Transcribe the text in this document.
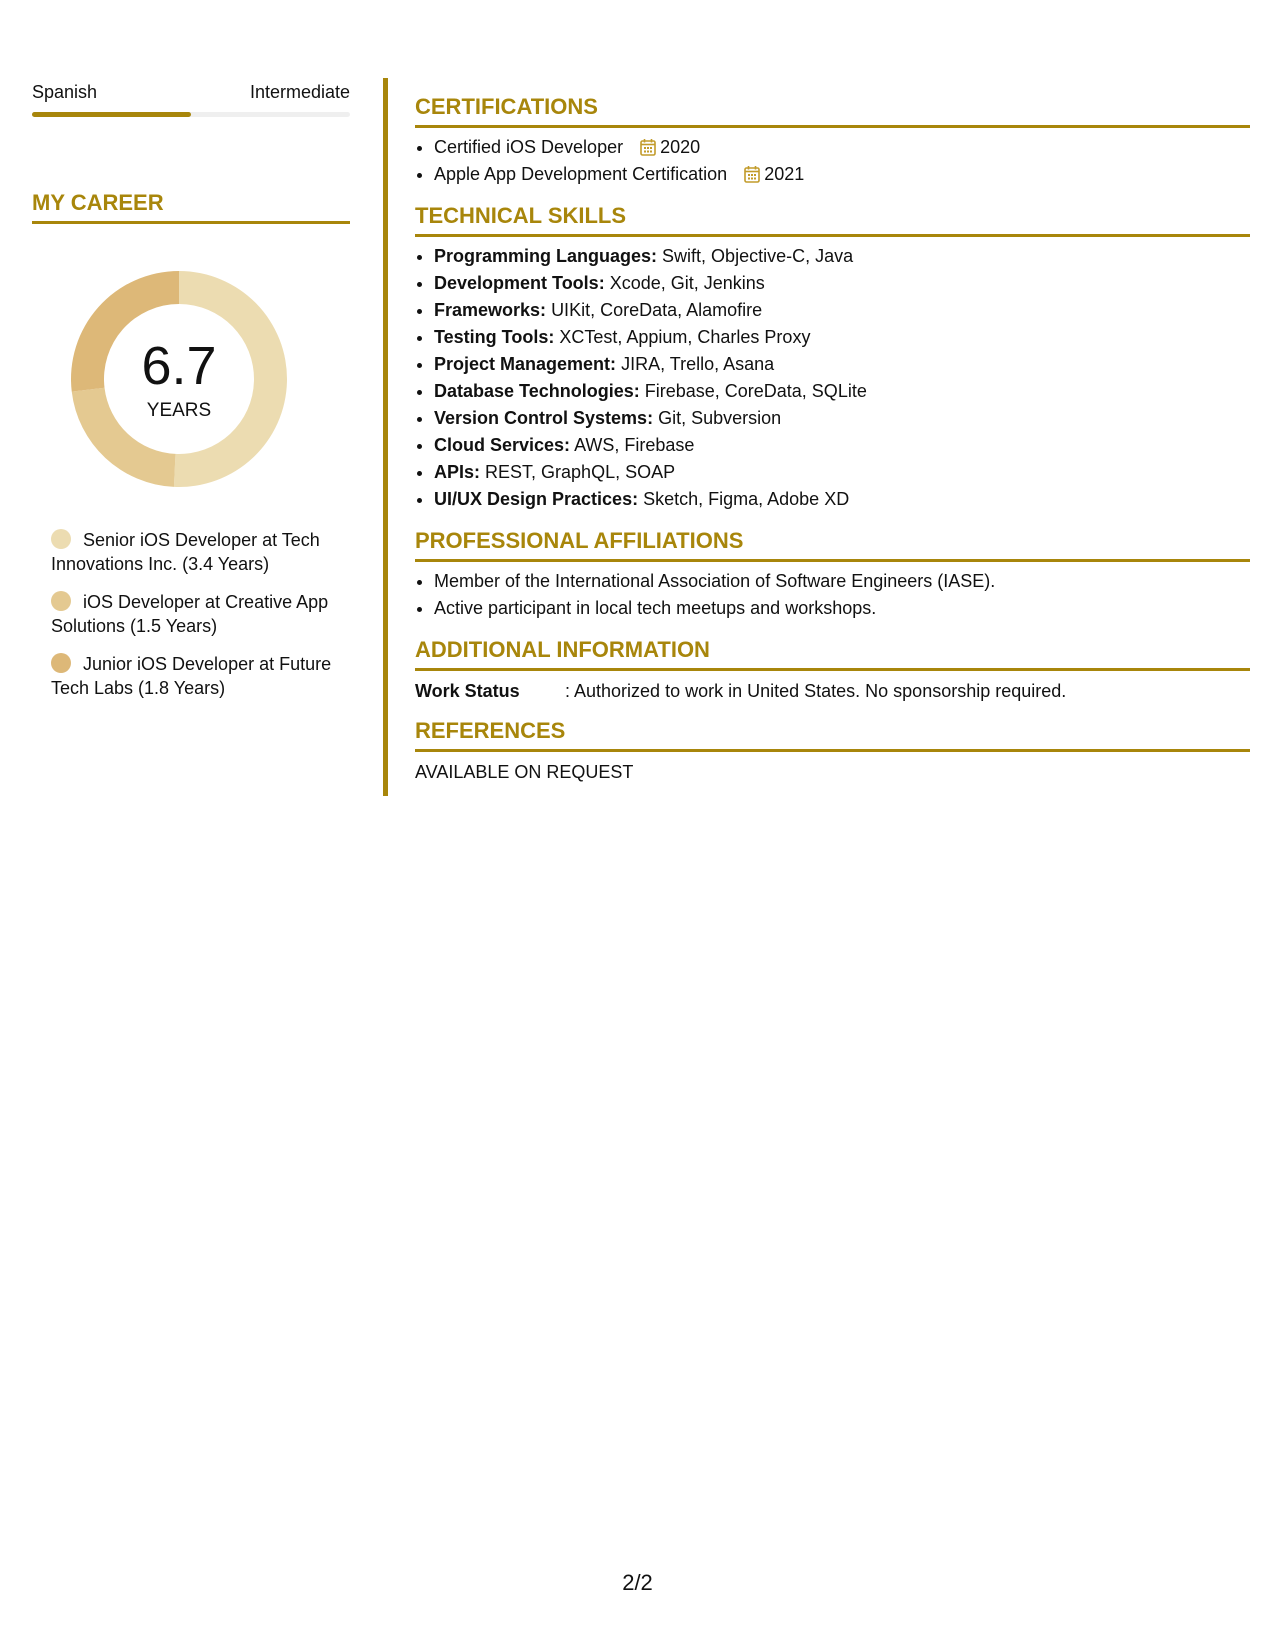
Spanish	Intermediate
MY CAREER
6.7
YEARS
Senior iOS Developer at Tech Innovations Inc. (3.4 Years)
iOS Developer at Creative App Solutions (1.5 Years)
Junior iOS Developer at Future Tech Labs (1.8 Years)
CERTIFICATIONS
• Certified iOS Developer 2020
• Apple App Development Certification 2021
TECHNICAL SKILLS
• Programming Languages: Swift, Objective-C, Java
• Development Tools: Xcode, Git, Jenkins
• Frameworks: UIKit, CoreData, Alamofire
• Testing Tools: XCTest, Appium, Charles Proxy
• Project Management: JIRA, Trello, Asana
• Database Technologies: Firebase, CoreData, SQLite
• Version Control Systems: Git, Subversion
• Cloud Services: AWS, Firebase
• APIs: REST, GraphQL, SOAP
• UI/UX Design Practices: Sketch, Figma, Adobe XD
PROFESSIONAL AFFILIATIONS
• Member of the International Association of Software Engineers (IASE).
• Active participant in local tech meetups and workshops.
ADDITIONAL INFORMATION
Work Status	: Authorized to work in United States. No sponsorship required.
REFERENCES
AVAILABLE ON REQUEST
2/2
